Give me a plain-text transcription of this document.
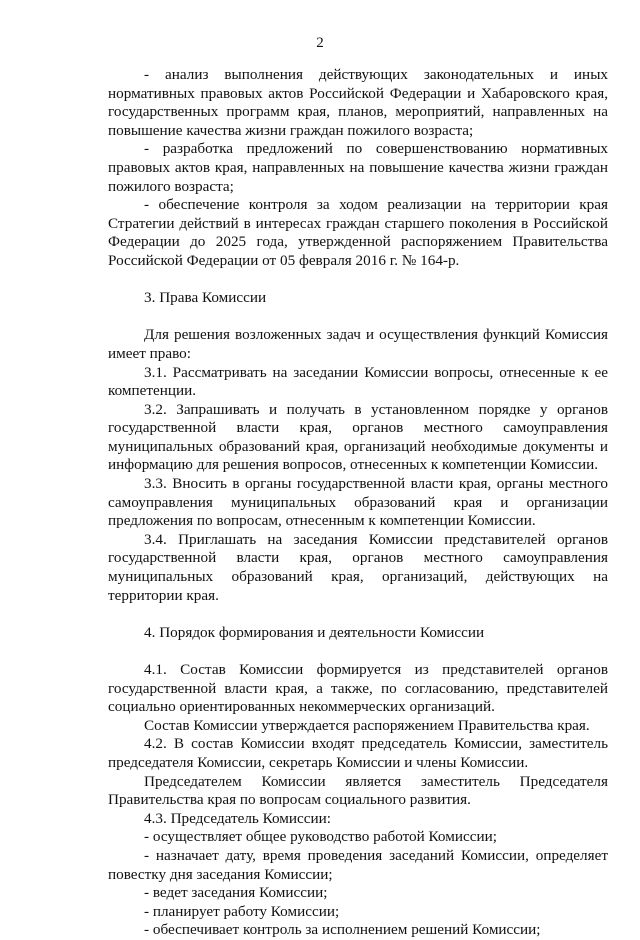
2

- анализ выполнения действующих законодательных и иных нормативных правовых актов Российской Федерации и Хабаровского края, государственных программ края, планов, мероприятий, направленных на повышение качества жизни граждан пожилого возраста;

- разработка предложений по совершенствованию нормативных правовых актов края, направленных на повышение качества жизни граждан пожилого возраста;

- обеспечение контроля за ходом реализации на территории края Стратегии действий в интересах граждан старшего поколения в Российской Федерации до 2025 года, утвержденной распоряжением Правительства Российской Федерации от 05 февраля 2016 г. № 164-р.

3. Права Комиссии

Для решения возложенных задач и осуществления функций Комиссия имеет право:

3.1. Рассматривать на заседании Комиссии вопросы, отнесенные к ее компетенции.

3.2. Запрашивать и получать в установленном порядке у органов государственной власти края, органов местного самоуправления муниципальных образований края, организаций необходимые документы и информацию для решения вопросов, отнесенных к компетенции Комиссии.

3.3. Вносить в органы государственной власти края, органы местного самоуправления муниципальных образований края и организации предложения по вопросам, отнесенным к компетенции Комиссии.

3.4. Приглашать на заседания Комиссии представителей органов государственной власти края, органов местного самоуправления муниципальных образований края, организаций, действующих на территории края.

4. Порядок формирования и деятельности Комиссии

4.1. Состав Комиссии формируется из представителей органов государственной власти края, а также, по согласованию, представителей социально ориентированных некоммерческих организаций.

Состав Комиссии утверждается распоряжением Правительства края.

4.2. В состав Комиссии входят председатель Комиссии, заместитель председателя Комиссии, секретарь Комиссии и члены Комиссии.

Председателем Комиссии является заместитель Председателя Правительства края по вопросам социального развития.

4.3. Председатель Комиссии:

- осуществляет общее руководство работой Комиссии;

- назначает дату, время проведения заседаний Комиссии, определяет повестку дня заседания Комиссии;

- ведет заседания Комиссии;

- планирует работу Комиссии;

- обеспечивает контроль за исполнением решений Комиссии;
